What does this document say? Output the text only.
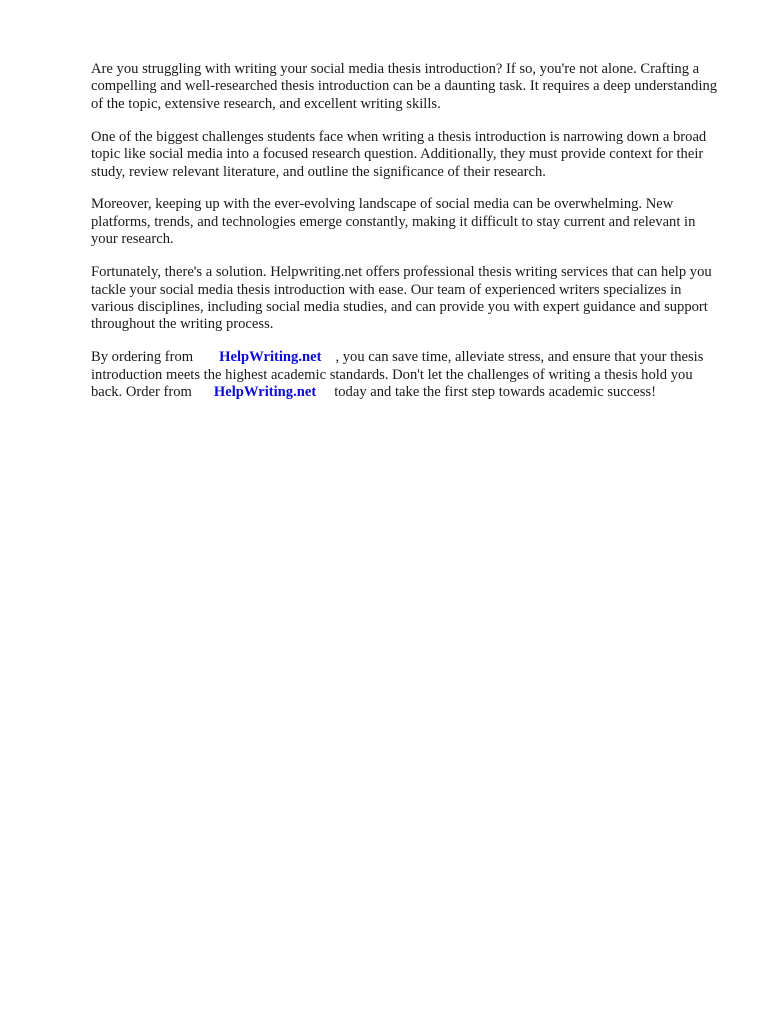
Are you struggling with writing your social media thesis introduction? If so, you're not alone. Crafting a compelling and well-researched thesis introduction can be a daunting task. It requires a deep understanding of the topic, extensive research, and excellent writing skills.

One of the biggest challenges students face when writing a thesis introduction is narrowing down a broad topic like social media into a focused research question. Additionally, they must provide context for their study, review relevant literature, and outline the significance of their research.

Moreover, keeping up with the ever-evolving landscape of social media can be overwhelming. New platforms, trends, and technologies emerge constantly, making it difficult to stay current and relevant in your research.

Fortunately, there's a solution. Helpwriting.net offers professional thesis writing services that can help you tackle your social media thesis introduction with ease. Our team of experienced writers specializes in various disciplines, including social media studies, and can provide you with expert guidance and support throughout the writing process.

By ordering from HelpWriting.net , you can save time, alleviate stress, and ensure that your thesis introduction meets the highest academic standards. Don't let the challenges of writing a thesis hold you back. Order from HelpWriting.net today and take the first step towards academic success!
